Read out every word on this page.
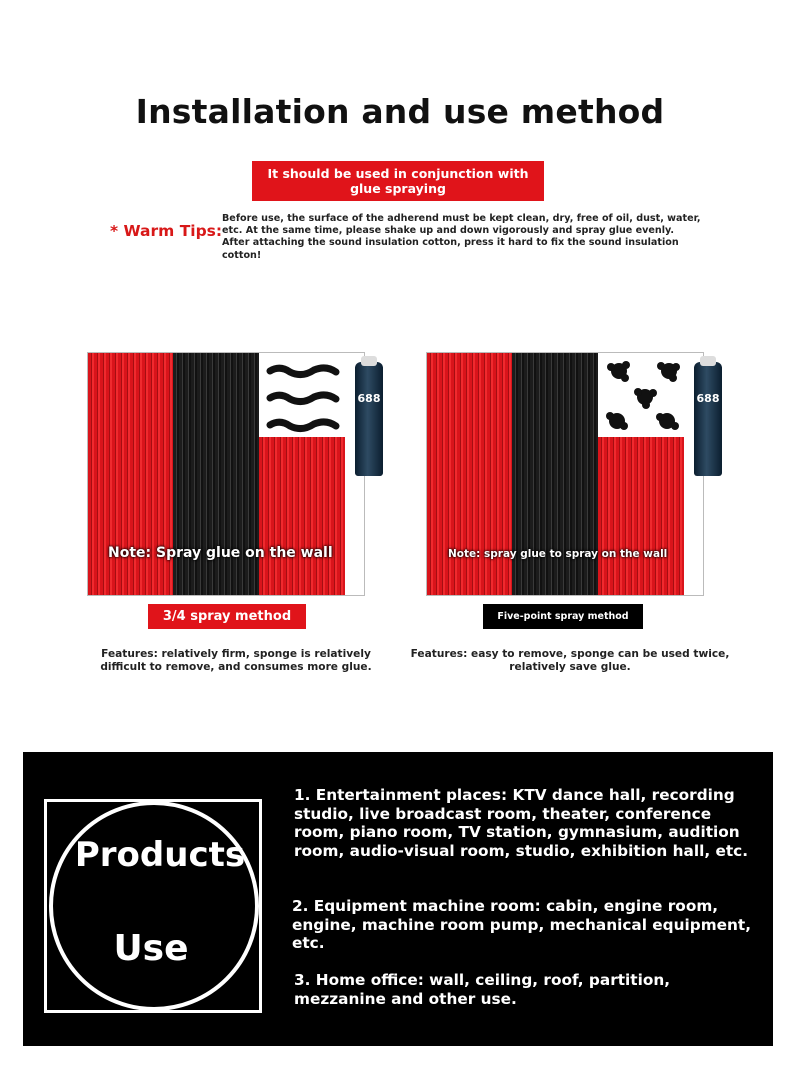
Installation and use method
It should be used in conjunction with glue spraying
* Warm Tips:
Before use, the surface of the adherend must be kept clean, dry, free of oil, dust, water, etc. At the same time, please shake up and down vigorously and spray glue evenly. After attaching the sound insulation cotton, press it hard to fix the sound insulation cotton!
688
Note: Spray glue on the wall
688
Note: spray glue to spray on the wall
3/4 spray method	Five-point spray method
Features: relatively firm, sponge is relatively difficult to remove, and consumes more glue.
Features: easy to remove, sponge can be used twice, relatively save glue.
Products
Use
1. Entertainment places: KTV dance hall, recording studio, live broadcast room, theater, conference room, piano room, TV station, gymnasium, audition room, audio-visual room, studio, exhibition hall, etc.
2. Equipment machine room: cabin, engine room, engine, machine room pump, mechanical equipment, etc.
3. Home office: wall, ceiling, roof, partition, mezzanine and other use.
